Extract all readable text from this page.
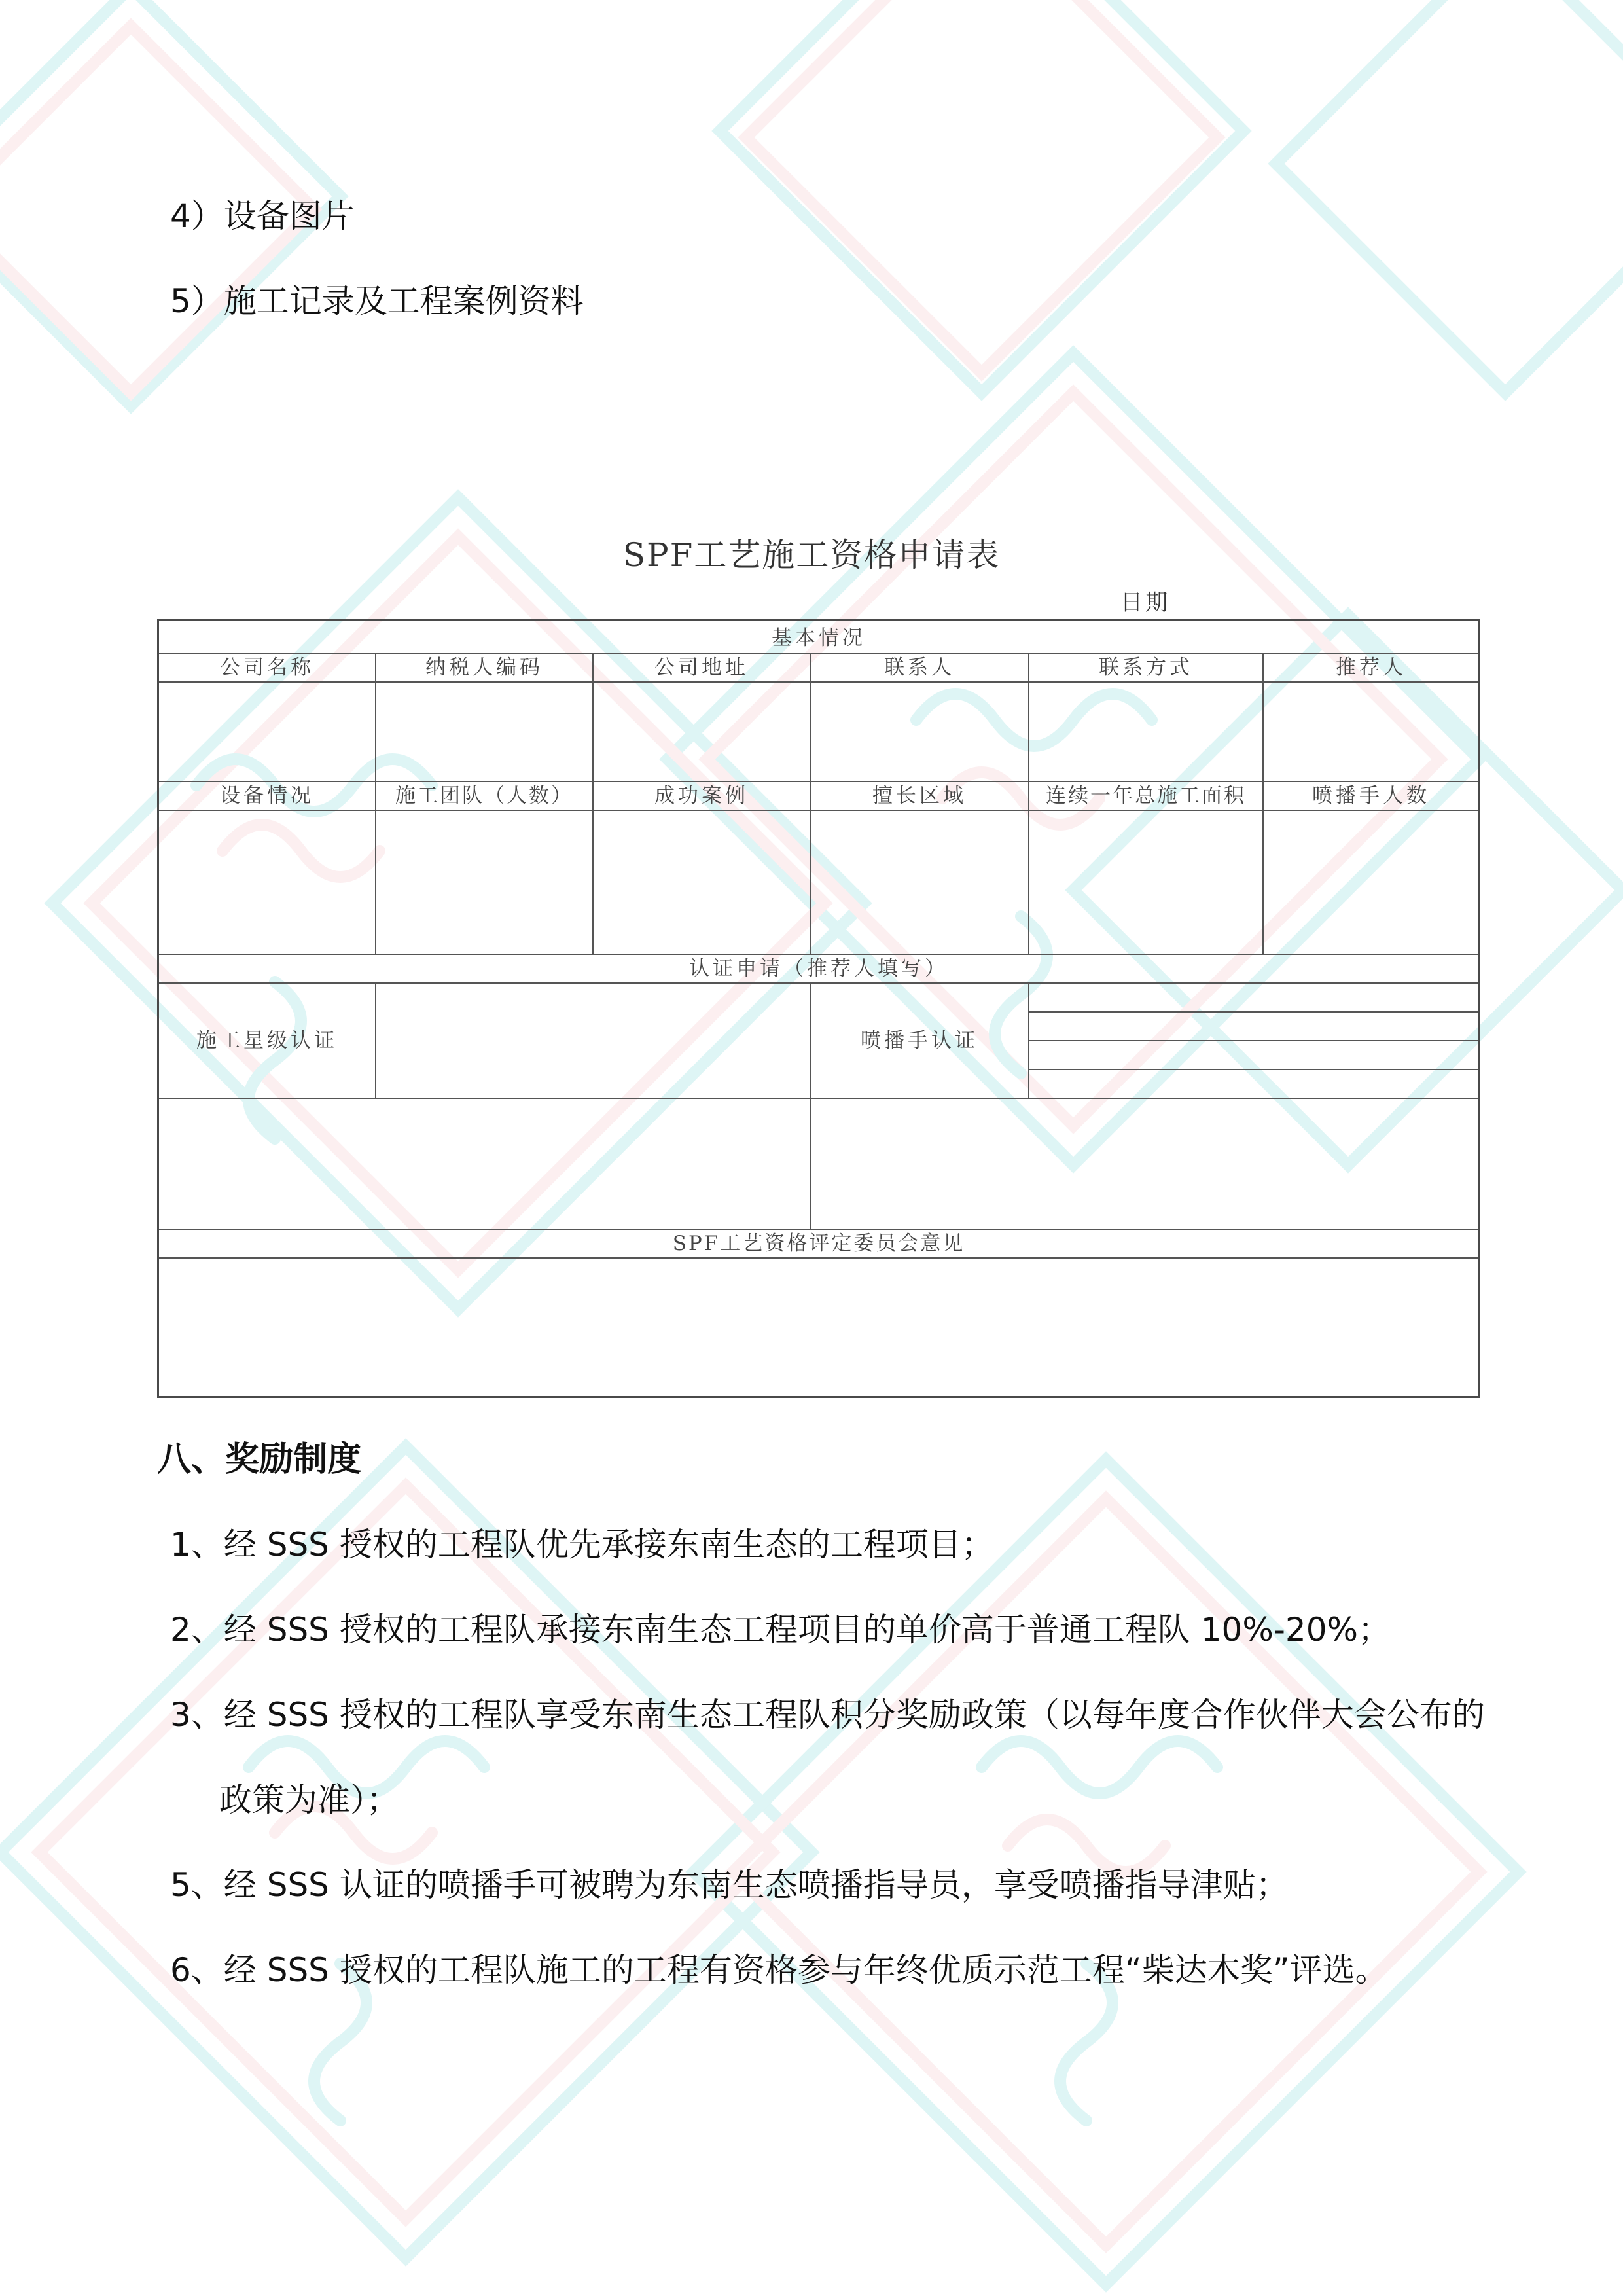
4）设备图片
5）施工记录及工程案例资料
SPF工艺施工资格申请表
日期
基本情况
公司名称	纳税人编码	公司地址	联系人	联系方式	推荐人
设备情况	施工团队（人数）	成功案例	擅长区域	连续一年总施工面积	喷播手人数
认证申请（推荐人填写）
施工星级认证	喷播手认证
SPF工艺资格评定委员会意见
八、奖励制度
1、经 SSS 授权的工程队优先承接东南生态的工程项目；
2、经 SSS 授权的工程队承接东南生态工程项目的单价高于普通工程队 10%-20%；
3、经 SSS 授权的工程队享受东南生态工程队积分奖励政策（以每年度合作伙伴大会公布的
政策为准）；
5、经 SSS 认证的喷播手可被聘为东南生态喷播指导员，享受喷播指导津贴；
6、经 SSS 授权的工程队施工的工程有资格参与年终优质示范工程“柴达木奖”评选。
